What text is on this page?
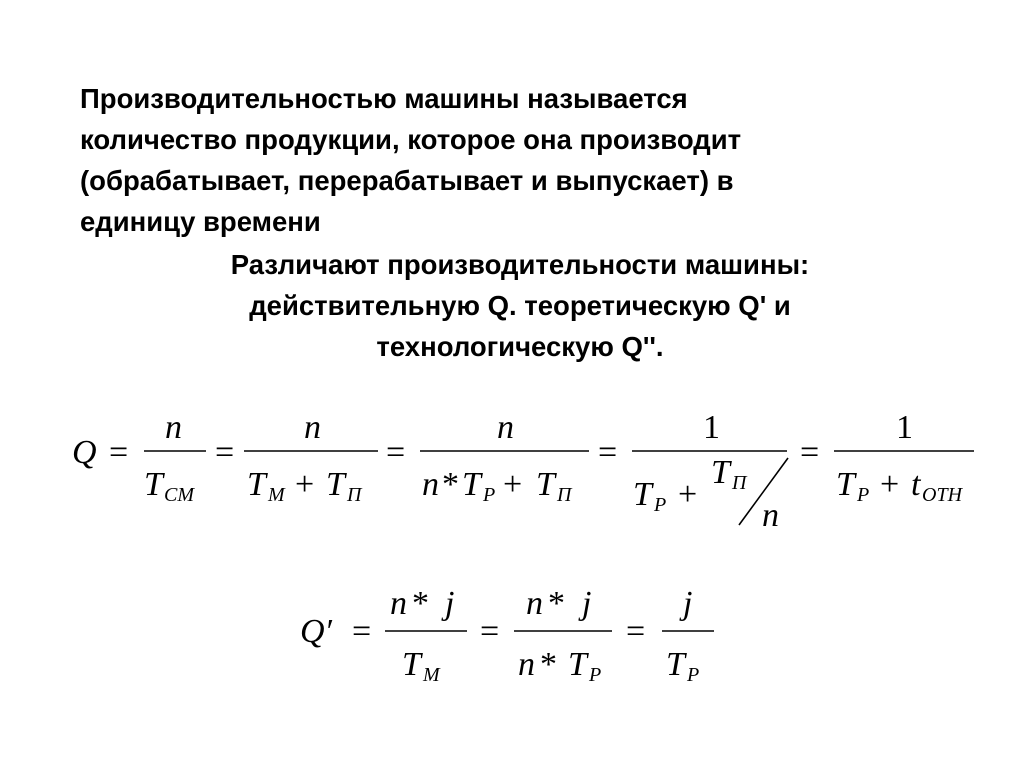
Производительностью машины называется
количество продукции, которое она производит
(обрабатывает, перерабатывает и выпускает) в
единицу времени

Различают производительности машины:
действительную Q. теоретическую Q' и
технологическую Q''.

Q =
n
T СМ
=
n
T М + T П
=
n
n * T Р + T П
=
1
T Р +
T П
n
=
1
T Р + t ОТН
Q′ =
n * j
T М
=
n * j
n * T Р
=
j
T Р
